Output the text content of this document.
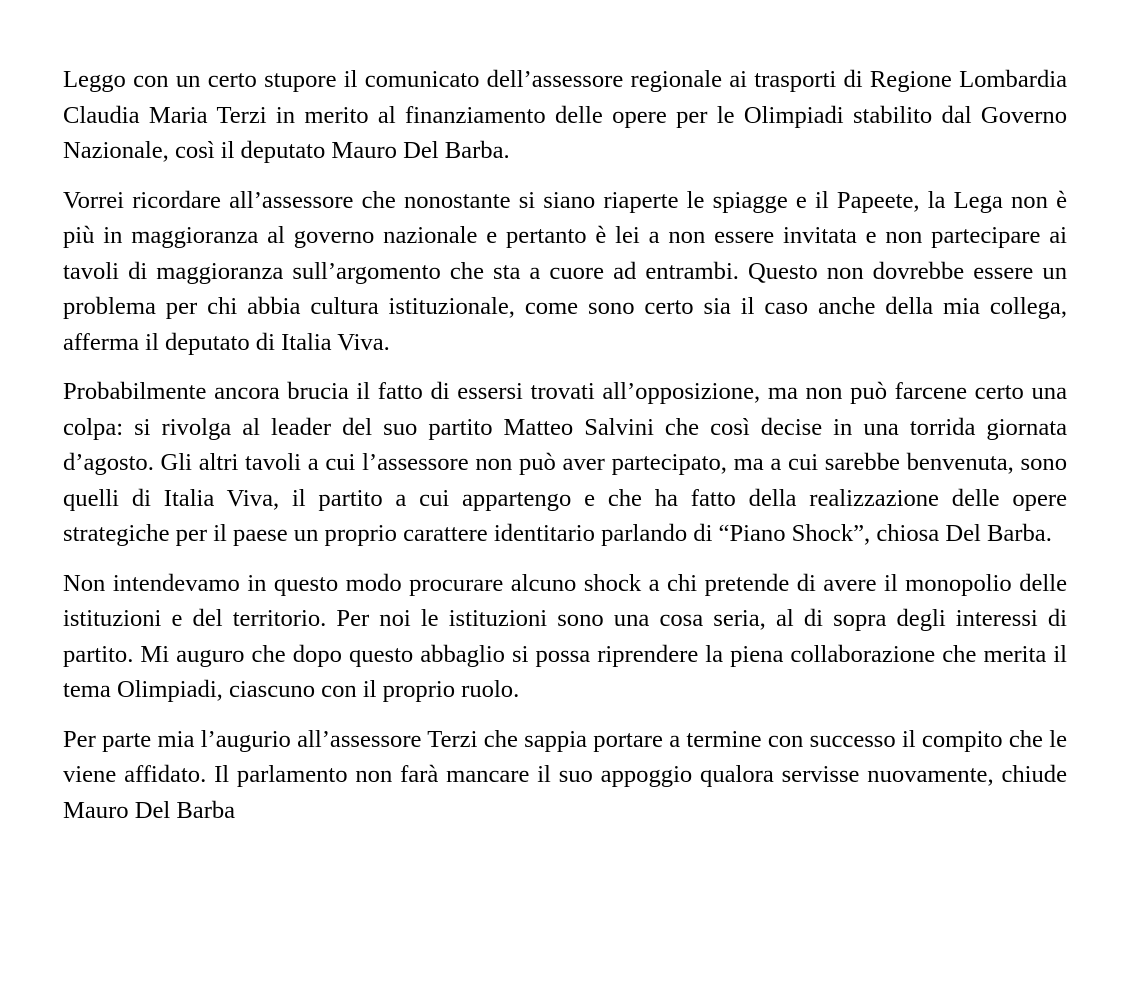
Leggo con un certo stupore il comunicato dell’assessore regionale ai trasporti di Regione Lombardia Claudia Maria Terzi in merito al finanziamento delle opere per le Olimpiadi stabilito dal Governo Nazionale, così il deputato Mauro Del Barba.

Vorrei ricordare all’assessore che nonostante si siano riaperte le spiagge e il Papeete, la Lega non è più in maggioranza al governo nazionale e pertanto è lei a non essere invitata e non partecipare ai tavoli di maggioranza sull’argomento che sta a cuore ad entrambi. Questo non dovrebbe essere un problema per chi abbia cultura istituzionale, come sono certo sia il caso anche della mia collega, afferma il deputato di Italia Viva.

Probabilmente ancora brucia il fatto di essersi trovati all’opposizione, ma non può farcene certo una colpa: si rivolga al leader del suo partito Matteo Salvini che così decise in una torrida giornata d’agosto. Gli altri tavoli a cui l’assessore non può aver partecipato, ma a cui sarebbe benvenuta, sono quelli di Italia Viva, il partito a cui appartengo e che ha fatto della realizzazione delle opere strategiche per il paese un proprio carattere identitario parlando di “Piano Shock”, chiosa Del Barba.

Non intendevamo in questo modo procurare alcuno shock a chi pretende di avere il monopolio delle istituzioni e del territorio. Per noi le istituzioni sono una cosa seria, al di sopra degli interessi di partito. Mi auguro che dopo questo abbaglio si possa riprendere la piena collaborazione che merita il tema Olimpiadi, ciascuno con il proprio ruolo.

Per parte mia l’augurio all’assessore Terzi che sappia portare a termine con successo il compito che le viene affidato. Il parlamento non farà mancare il suo appoggio qualora servisse nuovamente, chiude Mauro Del Barba
